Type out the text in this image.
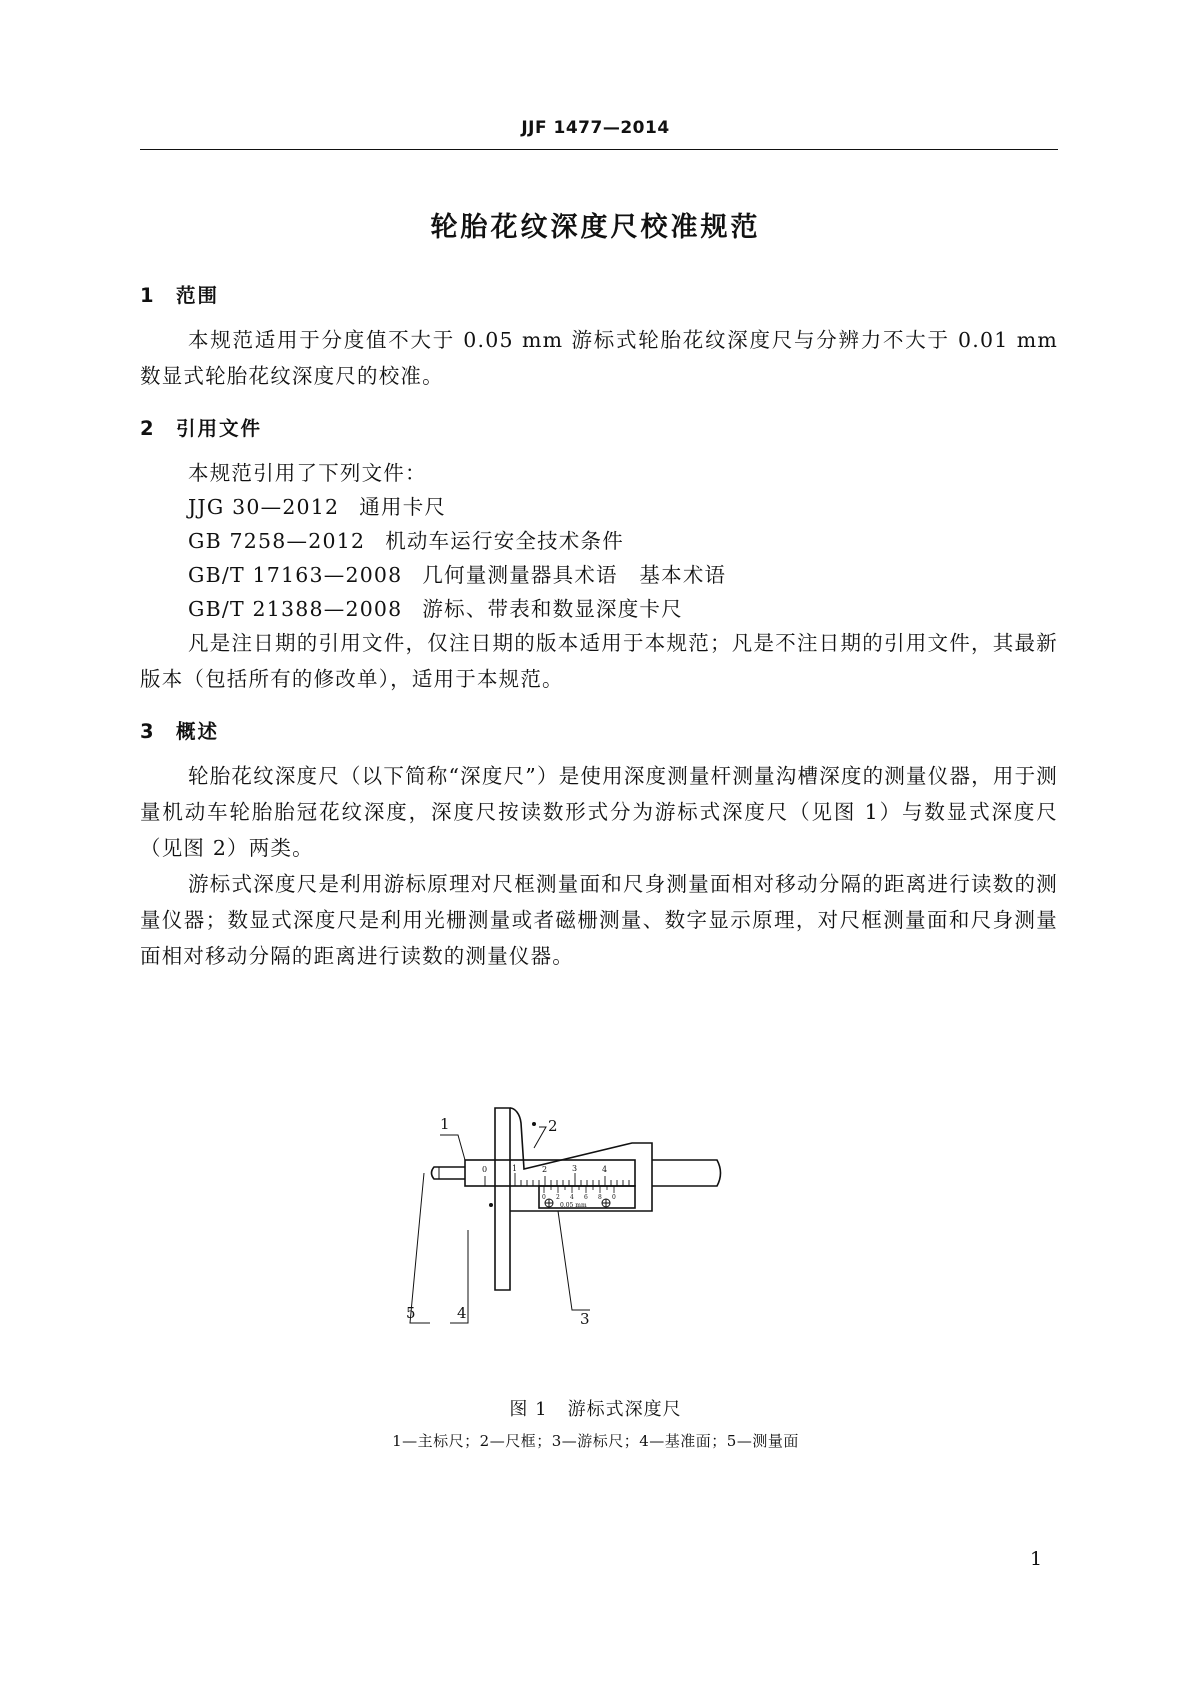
JJF 1477—2014
轮胎花纹深度尺校准规范
1 范围
本规范适用于分度值不大于 0.05 mm 游标式轮胎花纹深度尺与分辨力不大于 0.01 mm 数显式轮胎花纹深度尺的校准。
2 引用文件
本规范引用了下列文件：
JJG 30—2012 通用卡尺
GB 7258—2012 机动车运行安全技术条件
GB/T 17163—2008 几何量测量器具术语　基本术语
GB/T 21388—2008 游标、带表和数显深度卡尺
凡是注日期的引用文件，仅注日期的版本适用于本规范；凡是不注日期的引用文件，其最新版本（包括所有的修改单），适用于本规范。
3 概述
轮胎花纹深度尺（以下简称“深度尺”）是使用深度测量杆测量沟槽深度的测量仪器，用于测量机动车轮胎胎冠花纹深度，深度尺按读数形式分为游标式深度尺（见图 1）与数显式深度尺（见图 2）两类。
游标式深度尺是利用游标原理对尺框测量面和尺身测量面相对移动分隔的距离进行读数的测量仪器；数显式深度尺是利用光栅测量或者磁栅测量、数字显示原理，对尺框测量面和尺身测量面相对移动分隔的距离进行读数的测量仪器。
0	1	2	3	4
0 2 4 6 8 0
0.05 mm
1	2
3
4
5
图 1 游标式深度尺
1—主标尺；2—尺框；3—游标尺；4—基准面；5—测量面
1
